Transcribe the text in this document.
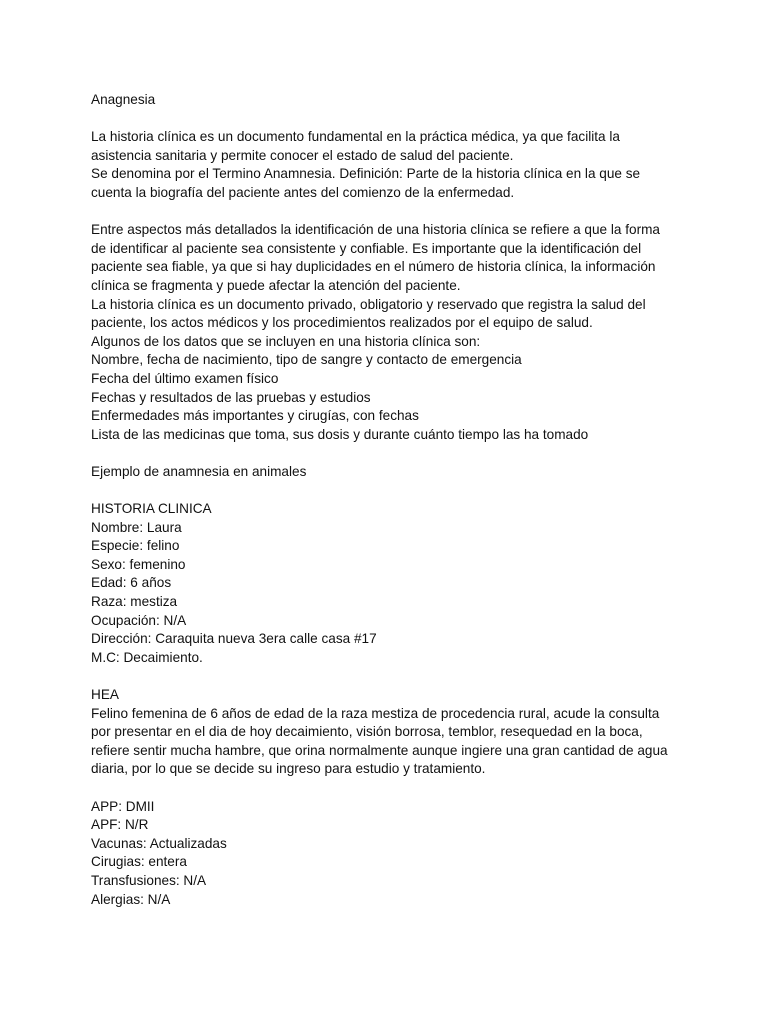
Anagnesia
La historia clínica es un documento fundamental en la práctica médica, ya que facilita la
asistencia sanitaria y permite conocer el estado de salud del paciente.
Se denomina por el Termino Anamnesia. Definición: Parte de la historia clínica en la que se
cuenta la biografía del paciente antes del comienzo de la enfermedad.
Entre aspectos más detallados la identificación de una historia clínica se refiere a que la forma
de identificar al paciente sea consistente y confiable. Es importante que la identificación del
paciente sea fiable, ya que si hay duplicidades en el número de historia clínica, la información
clínica se fragmenta y puede afectar la atención del paciente.
La historia clínica es un documento privado, obligatorio y reservado que registra la salud del
paciente, los actos médicos y los procedimientos realizados por el equipo de salud.
Algunos de los datos que se incluyen en una historia clínica son:
Nombre, fecha de nacimiento, tipo de sangre y contacto de emergencia
Fecha del último examen físico
Fechas y resultados de las pruebas y estudios
Enfermedades más importantes y cirugías, con fechas
Lista de las medicinas que toma, sus dosis y durante cuánto tiempo las ha tomado
Ejemplo de anamnesia en animales
HISTORIA CLINICA
Nombre: Laura
Especie: felino
Sexo: femenino
Edad: 6 años
Raza: mestiza
Ocupación: N/A
Dirección: Caraquita nueva 3era calle casa #17
M.C: Decaimiento.
HEA
Felino femenina de 6 años de edad de la raza mestiza de procedencia rural, acude la consulta
por presentar en el dia de hoy decaimiento, visión borrosa, temblor, resequedad en la boca,
refiere sentir mucha hambre, que orina normalmente aunque ingiere una gran cantidad de agua
diaria, por lo que se decide su ingreso para estudio y tratamiento.
APP: DMII
APF: N/R
Vacunas: Actualizadas
Cirugias: entera
Transfusiones: N/A
Alergias: N/A
